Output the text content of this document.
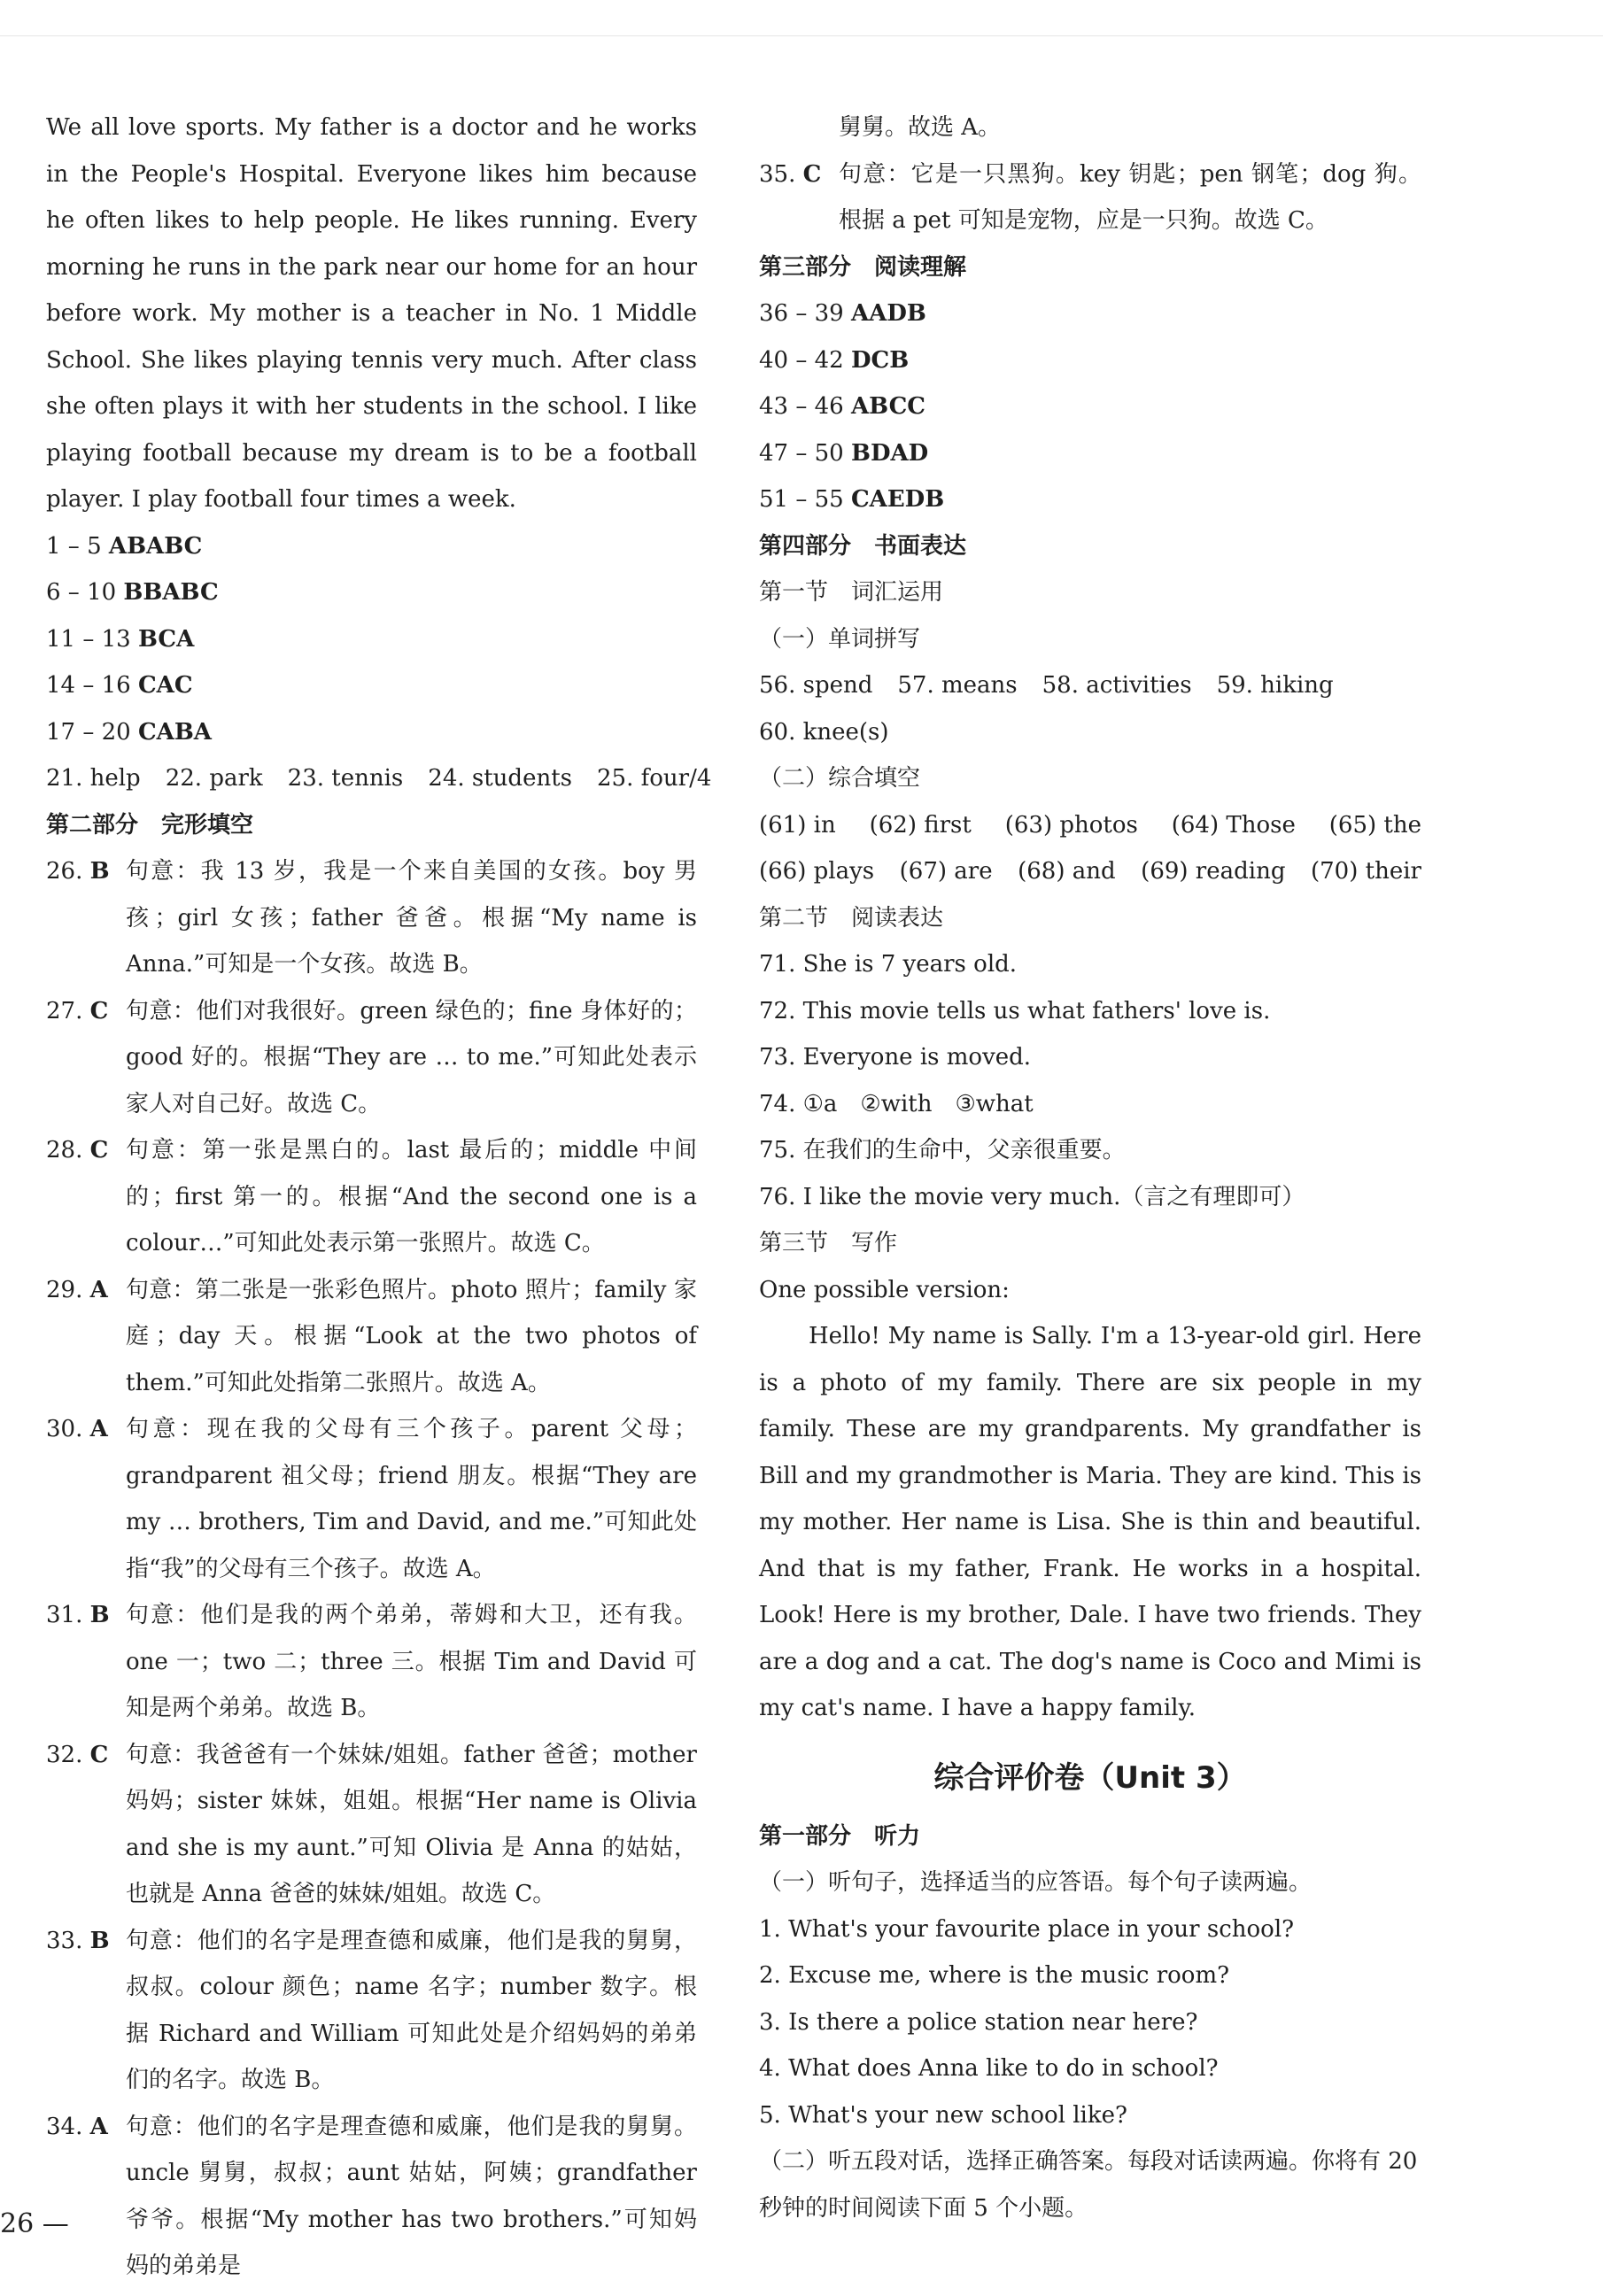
We all love sports. My father is a doctor and he works in the People's Hospital. Everyone likes him because he often likes to help people. He likes running. Every morning he runs in the park near our home for an hour before work. My mother is a teacher in No. 1 Middle School. She likes playing tennis very much. After class she often plays it with her students in the school. I like playing football because my dream is to be a football player. I play football four times a week.
1 – 5 ABABC
6 – 10 BBABC
11 – 13 BCA
14 – 16 CAC
17 – 20 CABA
21. help 22. park 23. tennis 24. students 25. four/4
第二部分　完形填空
26. B 句意：我 13 岁，我是一个来自美国的女孩。boy 男孩；girl 女孩；father 爸爸。根据“My name is Anna.”可知是一个女孩。故选 B。
27. C 句意：他们对我很好。green 绿色的；fine 身体好的；good 好的。根据“They are … to me.”可知此处表示家人对自己好。故选 C。
28. C 句意：第一张是黑白的。last 最后的；middle 中间的；first 第一的。根据“And the second one is a colour…”可知此处表示第一张照片。故选 C。
29. A 句意：第二张是一张彩色照片。photo 照片；family 家庭；day 天。根据“Look at the two photos of them.”可知此处指第二张照片。故选 A。
30. A 句意：现在我的父母有三个孩子。parent 父母；grandparent 祖父母；friend 朋友。根据“They are my … brothers, Tim and David, and me.”可知此处指“我”的父母有三个孩子。故选 A。
31. B 句意：他们是我的两个弟弟，蒂姆和大卫，还有我。one 一；two 二；three 三。根据 Tim and David 可知是两个弟弟。故选 B。
32. C 句意：我爸爸有一个妹妹/姐姐。father 爸爸；mother 妈妈；sister 妹妹，姐姐。根据“Her name is Olivia and she is my aunt.”可知 Olivia 是 Anna 的姑姑，也就是 Anna 爸爸的妹妹/姐姐。故选 C。
33. B 句意：他们的名字是理查德和威廉，他们是我的舅舅，叔叔。colour 颜色；name 名字；number 数字。根据 Richard and William 可知此处是介绍妈妈的弟弟们的名字。故选 B。
34. A 句意：他们的名字是理查德和威廉，他们是我的舅舅。uncle 舅舅，叔叔；aunt 姑姑，阿姨；grandfather 爷爷。根据“My mother has two brothers.”可知妈妈的弟弟是
舅舅。故选 A。
35. C 句意：它是一只黑狗。key 钥匙；pen 钢笔；dog 狗。根据 a pet 可知是宠物，应是一只狗。故选 C。
第三部分　阅读理解
36 – 39 AADB
40 – 42 DCB
43 – 46 ABCC
47 – 50 BDAD
51 – 55 CAEDB
第四部分　书面表达
第一节　词汇运用
（一）单词拼写
56. spend 57. means 58. activities 59. hiking
60. knee(s)
（二）综合填空
(61) in (62) first (63) photos (64) Those (65) the
(66) plays (67) are (68) and (69) reading (70) their
第二节　阅读表达
71. She is 7 years old.
72. This movie tells us what fathers' love is.
73. Everyone is moved.
74. ①a　②with　③what
75. 在我们的生命中，父亲很重要。
76. I like the movie very much.（言之有理即可）
第三节　写作
One possible version:
Hello! My name is Sally. I'm a 13-year-old girl. Here is a photo of my family. There are six people in my family. These are my grandparents. My grandfather is Bill and my grandmother is Maria. They are kind. This is my mother. Her name is Lisa. She is thin and beautiful. And that is my father, Frank. He works in a hospital. Look! Here is my brother, Dale. I have two friends. They are a dog and a cat. The dog's name is Coco and Mimi is my cat's name. I have a happy family.
综合评价卷（Unit 3）
第一部分　听力
（一）听句子，选择适当的应答语。每个句子读两遍。
1. What's your favourite place in your school?
2. Excuse me, where is the music room?
3. Is there a police station near here?
4. What does Anna like to do in school?
5. What's your new school like?
（二）听五段对话，选择正确答案。每段对话读两遍。你将有 20 秒钟的时间阅读下面 5 个小题。
26 —
